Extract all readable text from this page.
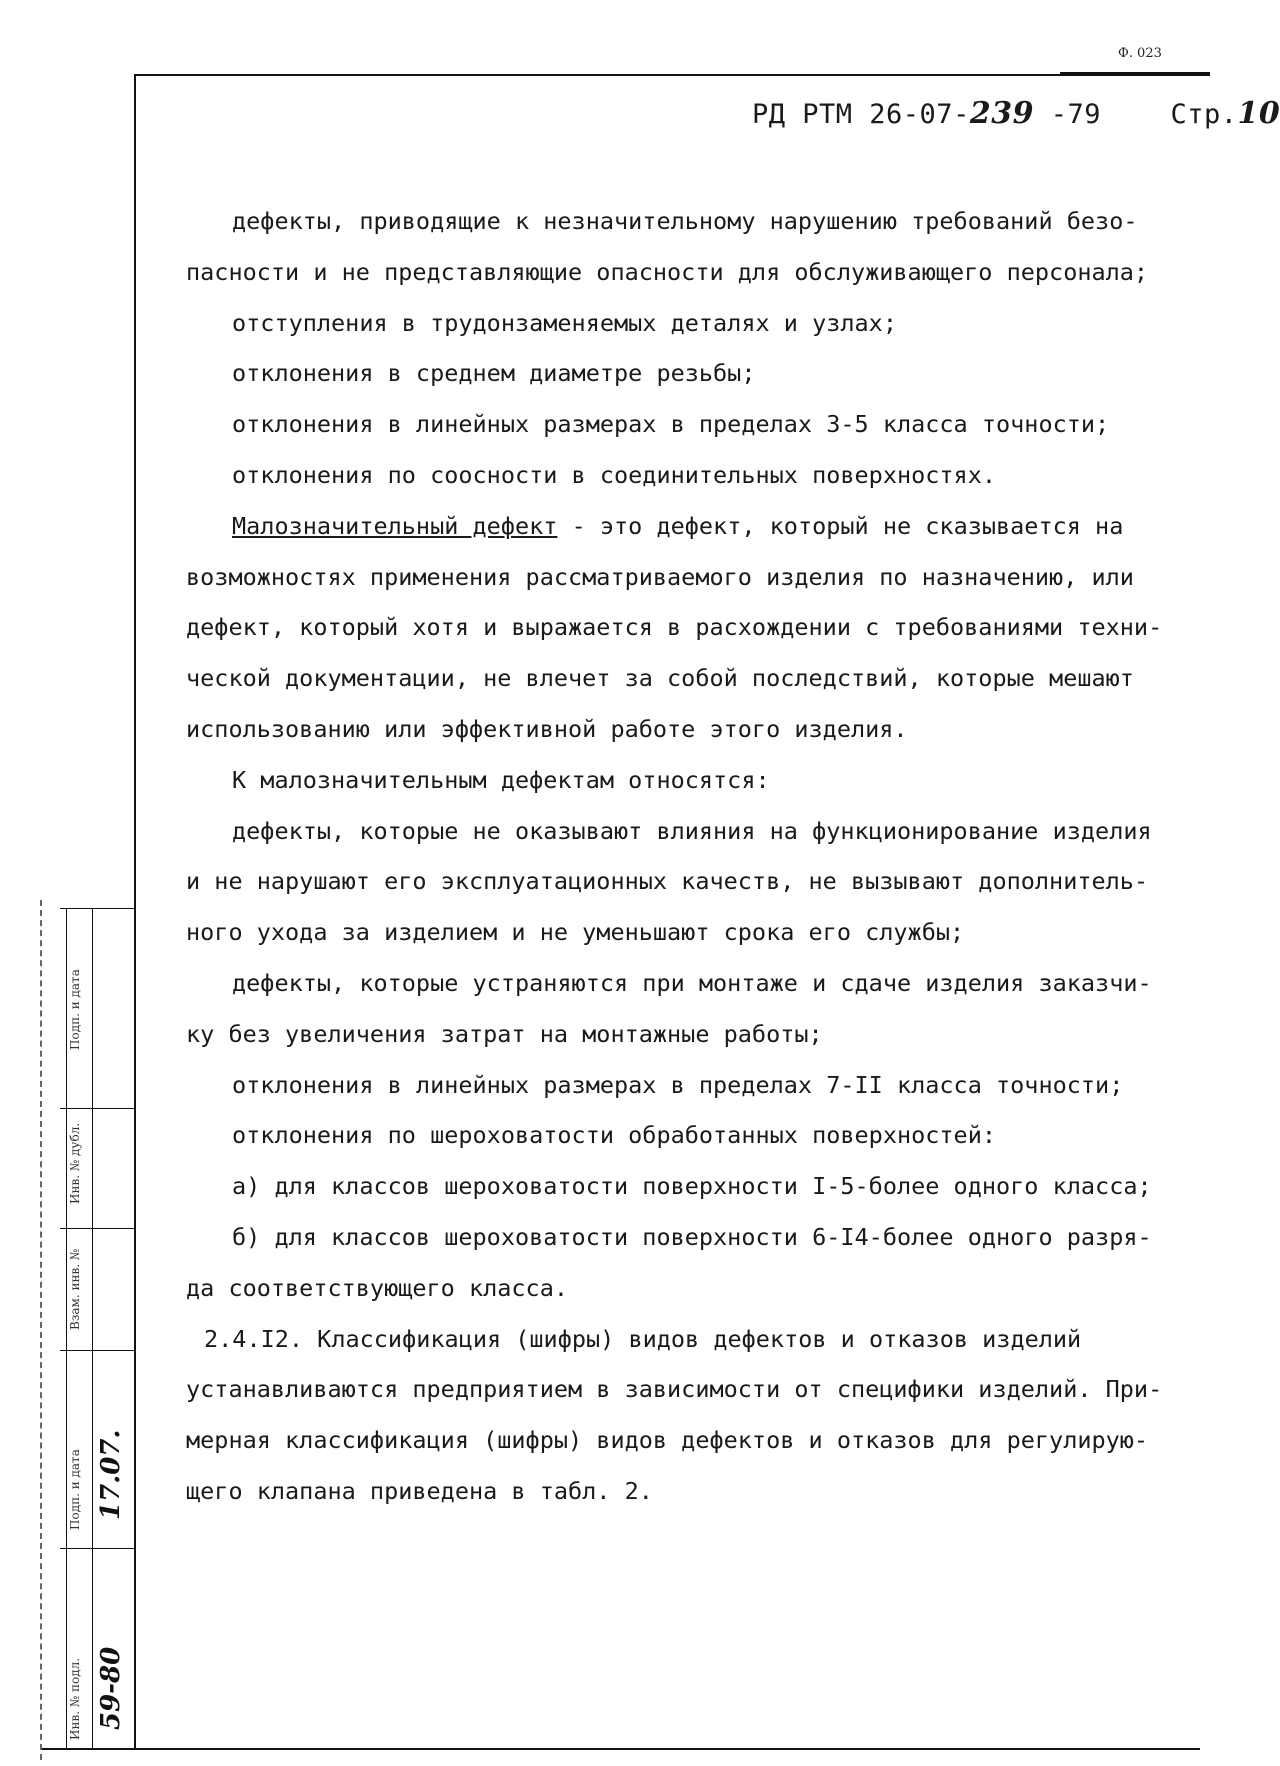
Ф. 023
РД РТМ 26-07-239 -79	Стр.10
дефекты, приводящие к незначительному нарушению требований безо-
пасности и не представляющие опасности для обслуживающего персонала;
отступления в трудонзаменяемых деталях и узлах;
отклонения в среднем диаметре резьбы;
отклонения в линейных размерах в пределах 3-5 класса точности;
отклонения по соосности в соединительных поверхностях.
Малозначительный дефект - это дефект, который не сказывается на
возможностях применения рассматриваемого изделия по назначению, или
дефект, который хотя и выражается в расхождении с требованиями техни-
ческой документации, не влечет за собой последствий, которые мешают
использованию или эффективной работе этого изделия.
К малозначительным дефектам относятся:
дефекты, которые не оказывают влияния на функционирование изделия
и не нарушают его эксплуатационных качеств, не вызывают дополнитель-
ного ухода за изделием и не уменьшают срока его службы;
дефекты, которые устраняются при монтаже и сдаче изделия заказчи-
ку без увеличения затрат на монтажные работы;
отклонения в линейных размерах в пределах 7-II класса точности;
отклонения по шероховатости обработанных поверхностей:
а) для классов шероховатости поверхности I-5-более одного класса;
б) для классов шероховатости поверхности 6-I4-более одного разря-
да соответствующего класса.
2.4.I2. Классификация (шифры) видов дефектов и отказов изделий
устанавливаются предприятием в зависимости от специфики изделий. При-
мерная классификация (шифры) видов дефектов и отказов для регулирую-
щего клапана приведена в табл. 2.
Подп. и дата
Инв. № дубл.
Взам. инв. №
Подп. и дата
Инв. № подл.
17.07.
59-80
